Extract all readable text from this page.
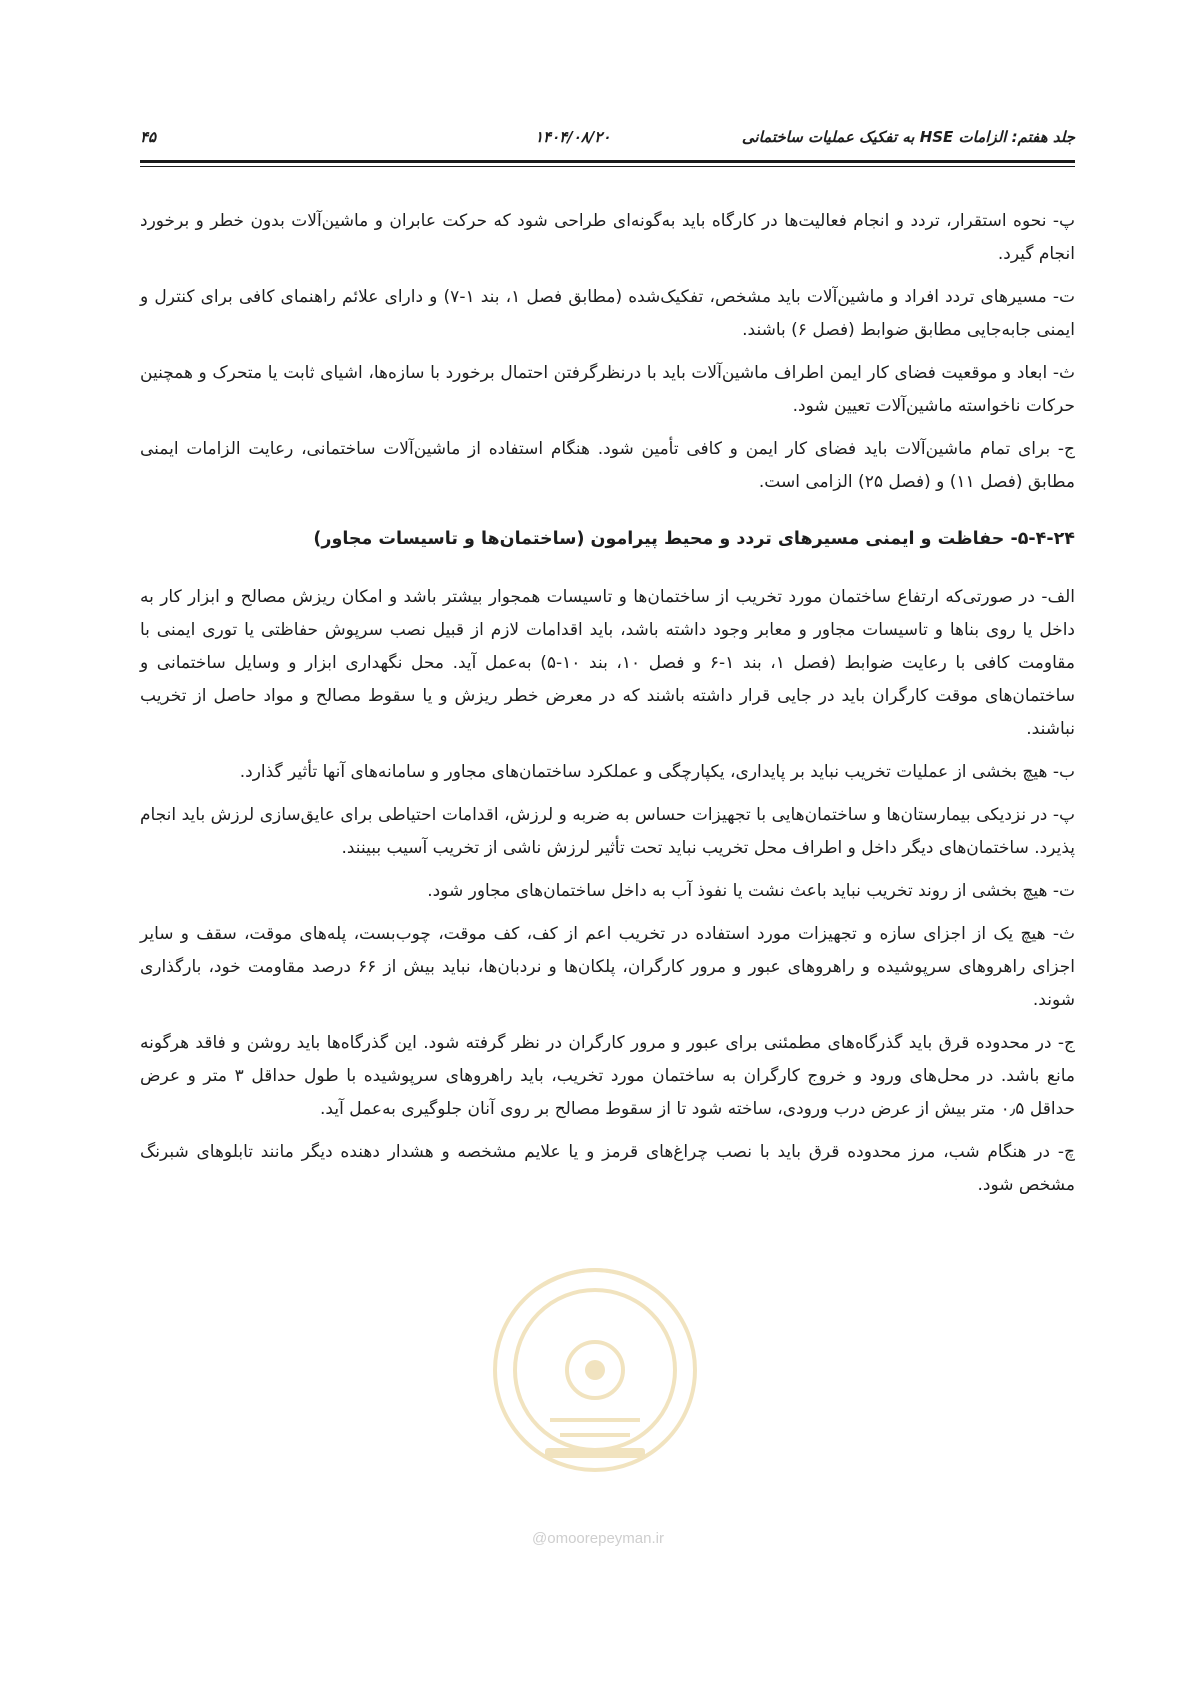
جلد هفتم: الزامات HSE به تفکیک عملیات ساختمانی
۱۴۰۴/۰۸/۲۰
۴۵

پ- نحوه استقرار، تردد و انجام فعالیت‌ها در کارگاه باید به‌گونه‌ای طراحی شود که حرکت عابران و ماشین‌آلات بدون خطر و برخورد انجام گیرد.

ت- مسیرهای تردد افراد و ماشین‌آلات باید مشخص، تفکیک‌شده (مطابق فصل ۱، بند ۱-۷) و دارای علائم راهنمای کافی برای کنترل و ایمنی جابه‌جایی مطابق ضوابط (فصل ۶) باشند.

ث- ابعاد و موقعیت فضای کار ایمن اطراف ماشین‌آلات باید با درنظرگرفتن احتمال برخورد با سازه‌ها، اشیای ثابت یا متحرک و همچنین حرکات ناخواسته ماشین‌آلات تعیین شود.

ج- برای تمام ماشین‌آلات باید فضای کار ایمن و کافی تأمین شود. هنگام استفاده از ماشین‌آلات ساختمانی، رعایت الزامات ایمنی مطابق (فصل ۱۱) و (فصل ۲۵) الزامی است.

۵-۴-۲۴- حفاظت و ایمنی مسیرهای تردد و محیط پیرامون (ساختمان‌ها و تاسیسات مجاور)

الف- در صورتی‌که ارتفاع ساختمان مورد تخریب از ساختمان‌ها و تاسیسات همجوار بیشتر باشد و امکان ریزش مصالح و ابزار کار به داخل یا روی بناها و تاسیسات مجاور و معابر وجود داشته باشد، باید اقدامات لازم از قبیل نصب سرپوش حفاظتی یا توری ایمنی با مقاومت کافی با رعایت ضوابط (فصل ۱، بند ۱-۶ و فصل ۱۰، بند ۱۰-۵) به‌عمل آید. محل نگهداری ابزار و وسایل ساختمانی و ساختمان‌های موقت کارگران باید در جایی قرار داشته باشند که در معرض خطر ریزش و یا سقوط مصالح و مواد حاصل از تخریب نباشند.

ب- هیچ بخشی از عملیات تخریب نباید بر پایداری، یکپارچگی و عملکرد ساختمان‌های مجاور و سامانه‌های آنها تأثیر گذارد.

پ- در نزدیکی بیمارستان‌ها و ساختمان‌هایی با تجهیزات حساس به ضربه و لرزش، اقدامات احتیاطی برای عایق‌سازی لرزش باید انجام پذیرد. ساختمان‌های دیگر داخل و اطراف محل تخریب نباید تحت تأثیر لرزش ناشی از تخریب آسیب ببینند.

ت- هیچ بخشی از روند تخریب نباید باعث نشت یا نفوذ آب به داخل ساختمان‌های مجاور شود.

ث- هیچ یک از اجزای سازه و تجهیزات مورد استفاده در تخریب اعم از کف، کف موقت، چوب‌بست، پله‌های موقت، سقف و سایر اجزای راهروهای سرپوشیده و راهروهای عبور و مرور کارگران، پلکان‌ها و نردبان‌ها، نباید بیش از ۶۶ درصد مقاومت خود، بارگذاری شوند.

ج- در محدوده قرق باید گذرگاه‌های مطمئنی برای عبور و مرور کارگران در نظر گرفته شود. این گذرگاه‌ها باید روشن و فاقد هرگونه مانع باشد. در محل‌های ورود و خروج کارگران به ساختمان مورد تخریب، باید راهروهای سرپوشیده با طول حداقل ۳ متر و عرض حداقل ۰٫۵ متر بیش از عرض درب ورودی، ساخته شود تا از سقوط مصالح بر روی آنان جلوگیری به‌عمل آید.

چ- در هنگام شب، مرز محدوده قرق باید با نصب چراغ‌های قرمز و یا علایم مشخصه و هشدار دهنده دیگر مانند تابلوهای شبرنگ مشخص شود.

@omoorepeyman.ir
